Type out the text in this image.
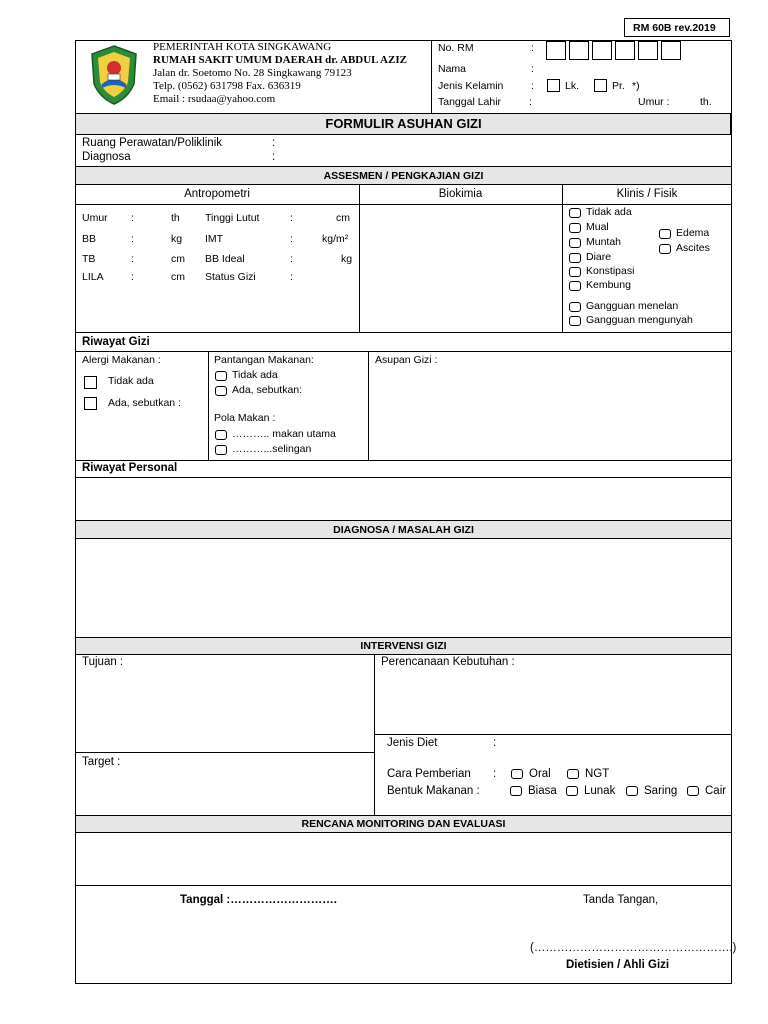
RM 60B rev.2019
PEMERINTAH KOTA SINGKAWANG
RUMAH SAKIT UMUM DAERAH dr. ABDUL AZIZ
Jalan dr. Soetomo No. 28 Singkawang 79123
Telp. (0562) 631798 Fax. 636319
Email : rsudaa@yahoo.com
No. RM	:
Nama	:
Jenis Kelamin	:	Lk.	Pr. *)
Tanggal Lahir	:	Umur :	th.
FORMULIR ASUHAN GIZI
Ruang Perawatan/Poliklinik	:
Diagnosa	:
ASSESMEN / PENGKAJIAN GIZI
Antropometri	Biokimia	Klinis / Fisik
Umur :	th Tinggi Lutut	:	cm
BB	:	kg IMT	:	kg/m²
TB	:	cm BB Ideal	:	kg
LILA	:	cm Status Gizi	:
Tidak ada
Mual
Muntah
Diare
Konstipasi
Kembung
Edema
Ascites
Gangguan menelan
Gangguan mengunyah
Riwayat Gizi
Alergi Makanan :
Tidak ada
Ada, sebutkan :
Pantangan Makanan:
Tidak ada
Ada, sebutkan:
Pola Makan :
……….. makan utama
………...selingan
Asupan Gizi :
Riwayat Personal
DIAGNOSA / MASALAH GIZI
INTERVENSI GIZI
Tujuan :	Perencanaan Kebutuhan :
Target :
Jenis Diet	:
Cara Pemberian :	Oral	NGT
Bentuk Makanan :	Biasa Lunak Saring Cair
RENCANA MONITORING DAN EVALUASI
Tanggal :……………………….	Tanda Tangan,
(…………………………………………….)
Dietisien / Ahli Gizi
